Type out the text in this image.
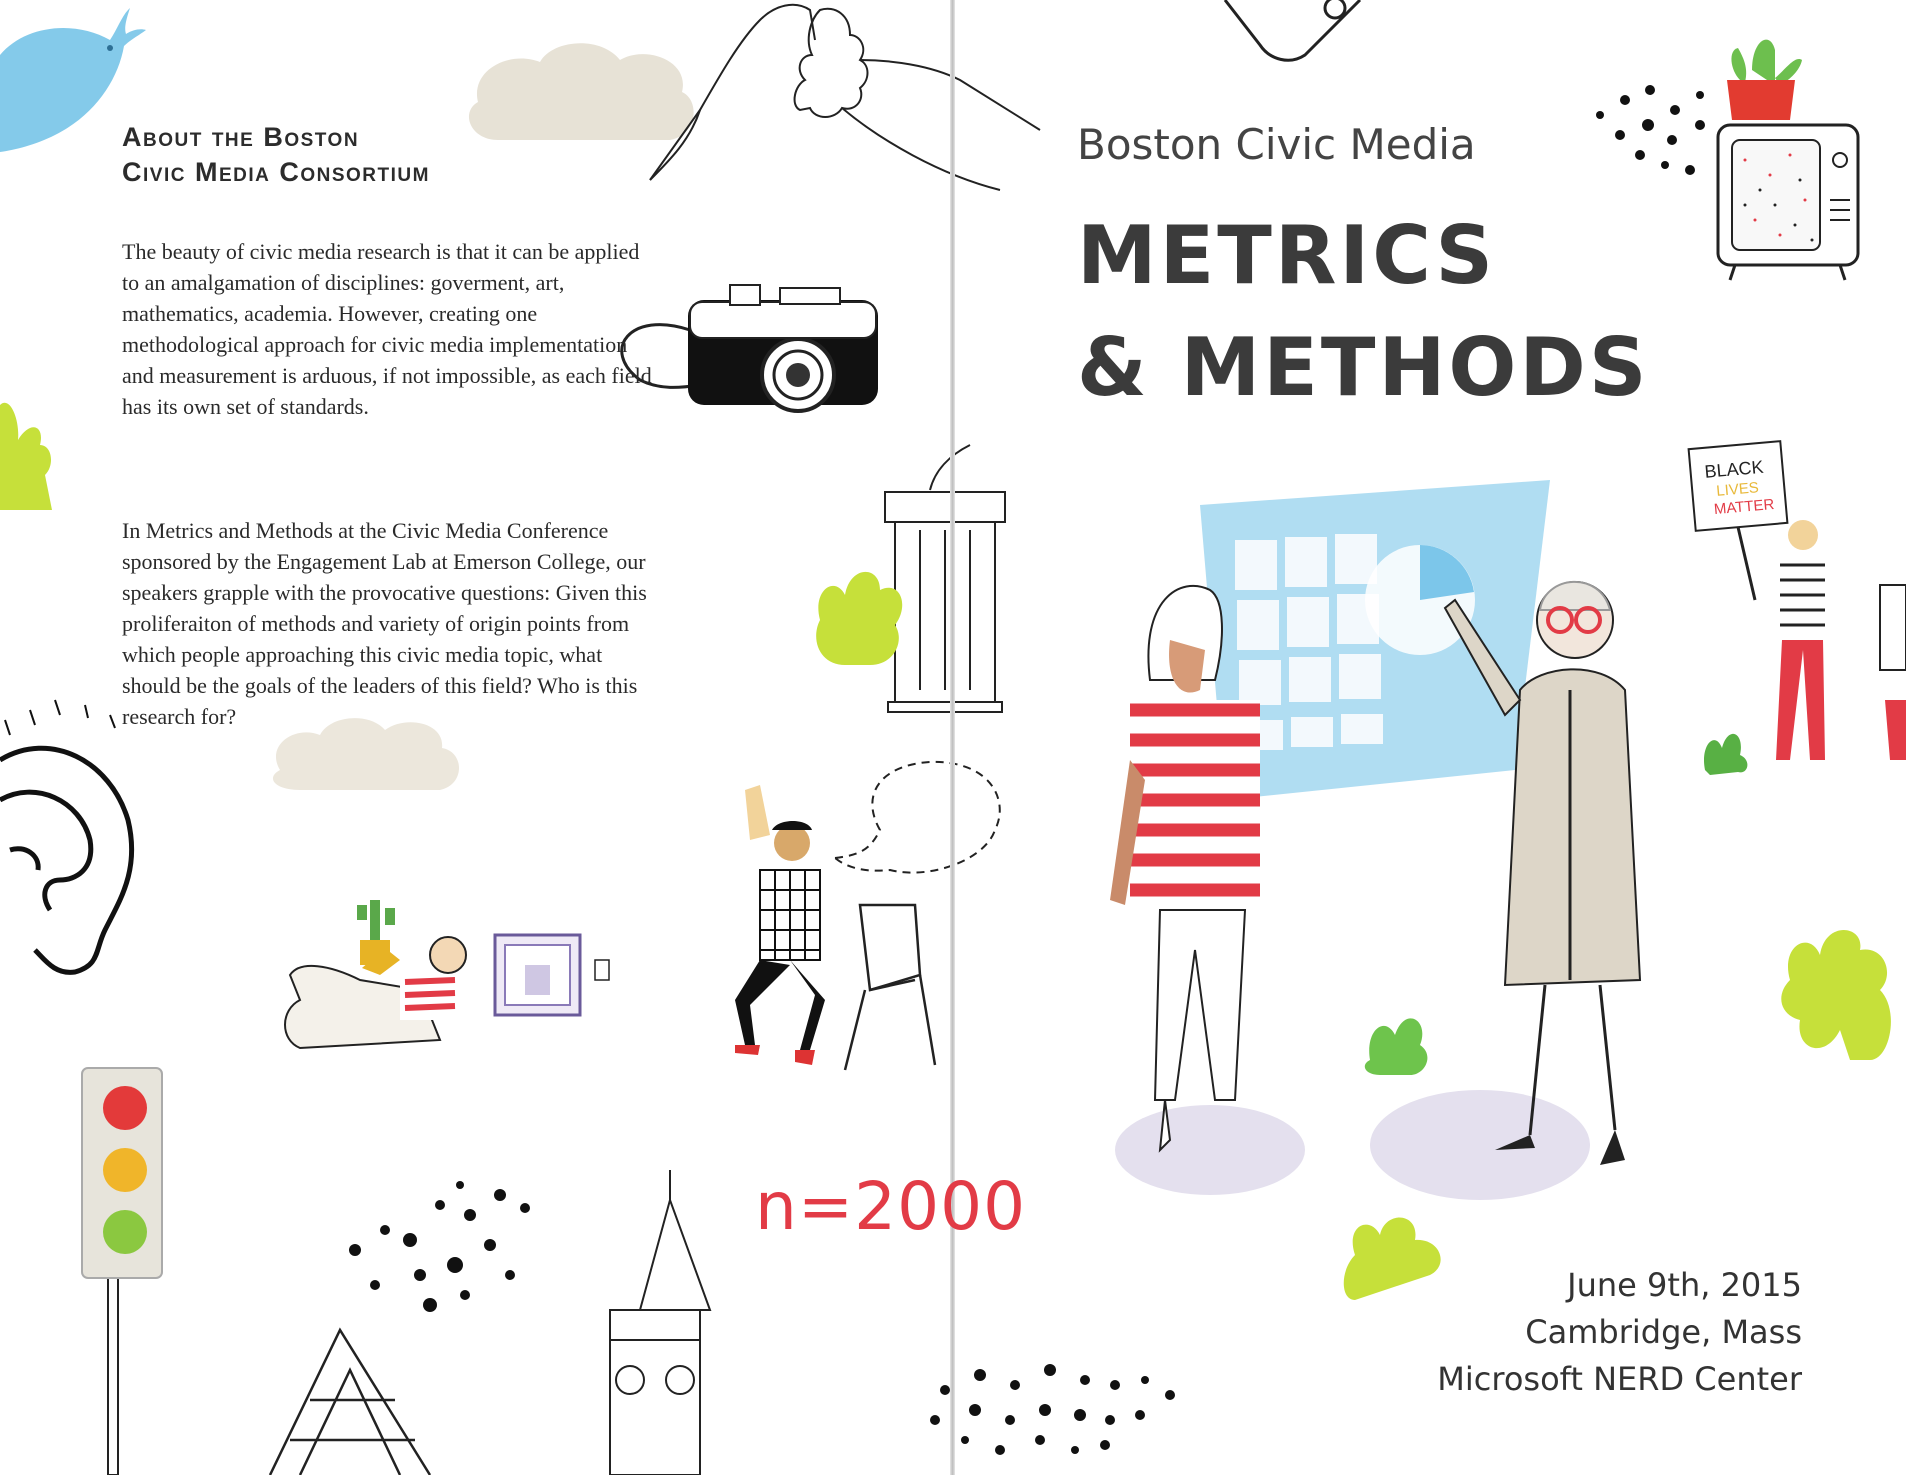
BLACK
LIVES
MATTER
About the Boston
Civic Media Consortium

The beauty of civic media research is that it can be applied to an amalgamation of disciplines: goverment, art, mathematics, academia. However, creating one methodological approach for civic media implementation and measurement is arduous, if not impossible, as each field has its own set of standards.

In Metrics and Methods at the Civic Media Conference sponsored by the Engagement Lab at Emerson College, our speakers grapple with the provocative questions: Given this proliferaiton of methods and variety of origin points from which people approaching this civic media topic, what should be the goals of the leaders of this field? Who is this research for?

n=2000
Boston Civic Media
METRICS
& METHODS
June 9th, 2015
Cambridge, Mass
Microsoft NERD Center
